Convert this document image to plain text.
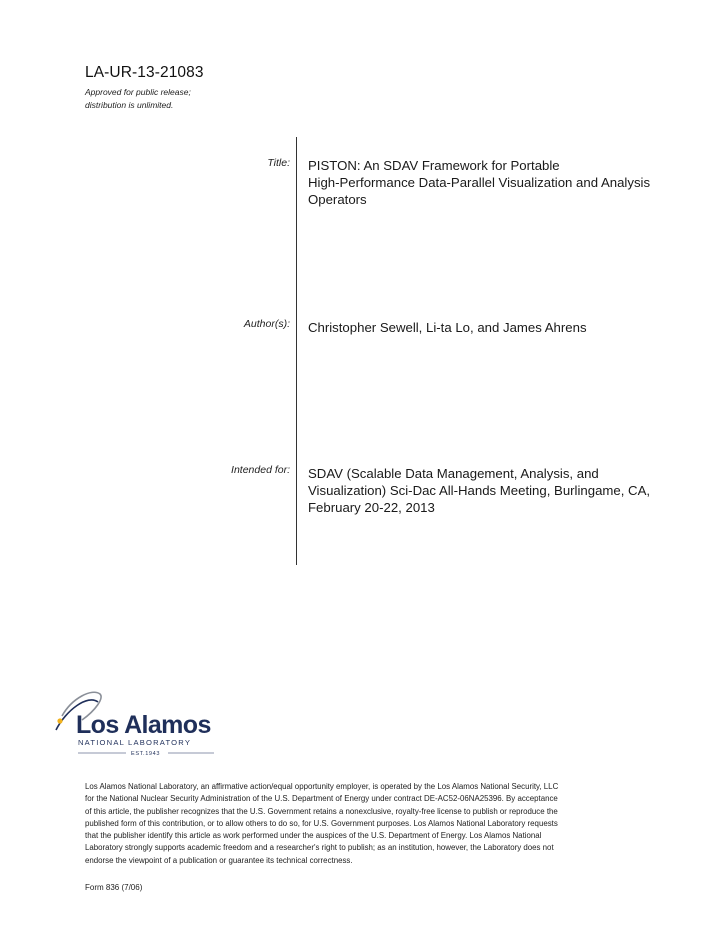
LA-UR-13-21083
Approved for public release;
distribution is unlimited.
Title: PISTON: An SDAV Framework for Portable
High-Performance Data-Parallel Visualization and Analysis
Operators
Author(s): Christopher Sewell, Li-ta Lo, and James Ahrens
Intended for: SDAV (Scalable Data Management, Analysis, and
Visualization) Sci-Dac All-Hands Meeting, Burlingame, CA,
February 20-22, 2013
Los Alamos
NATIONAL LABORATORY
EST.1943
Los Alamos National Laboratory, an affirmative action/equal opportunity employer, is operated by the Los Alamos National Security, LLC
for the National Nuclear Security Administration of the U.S. Department of Energy under contract DE-AC52-06NA25396. By acceptance
of this article, the publisher recognizes that the U.S. Government retains a nonexclusive, royalty-free license to publish or reproduce the
published form of this contribution, or to allow others to do so, for U.S. Government purposes. Los Alamos National Laboratory requests
that the publisher identify this article as work performed under the auspices of the U.S. Department of Energy. Los Alamos National
Laboratory strongly supports academic freedom and a researcher's right to publish; as an institution, however, the Laboratory does not
endorse the viewpoint of a publication or guarantee its technical correctness.
Form 836 (7/06)
